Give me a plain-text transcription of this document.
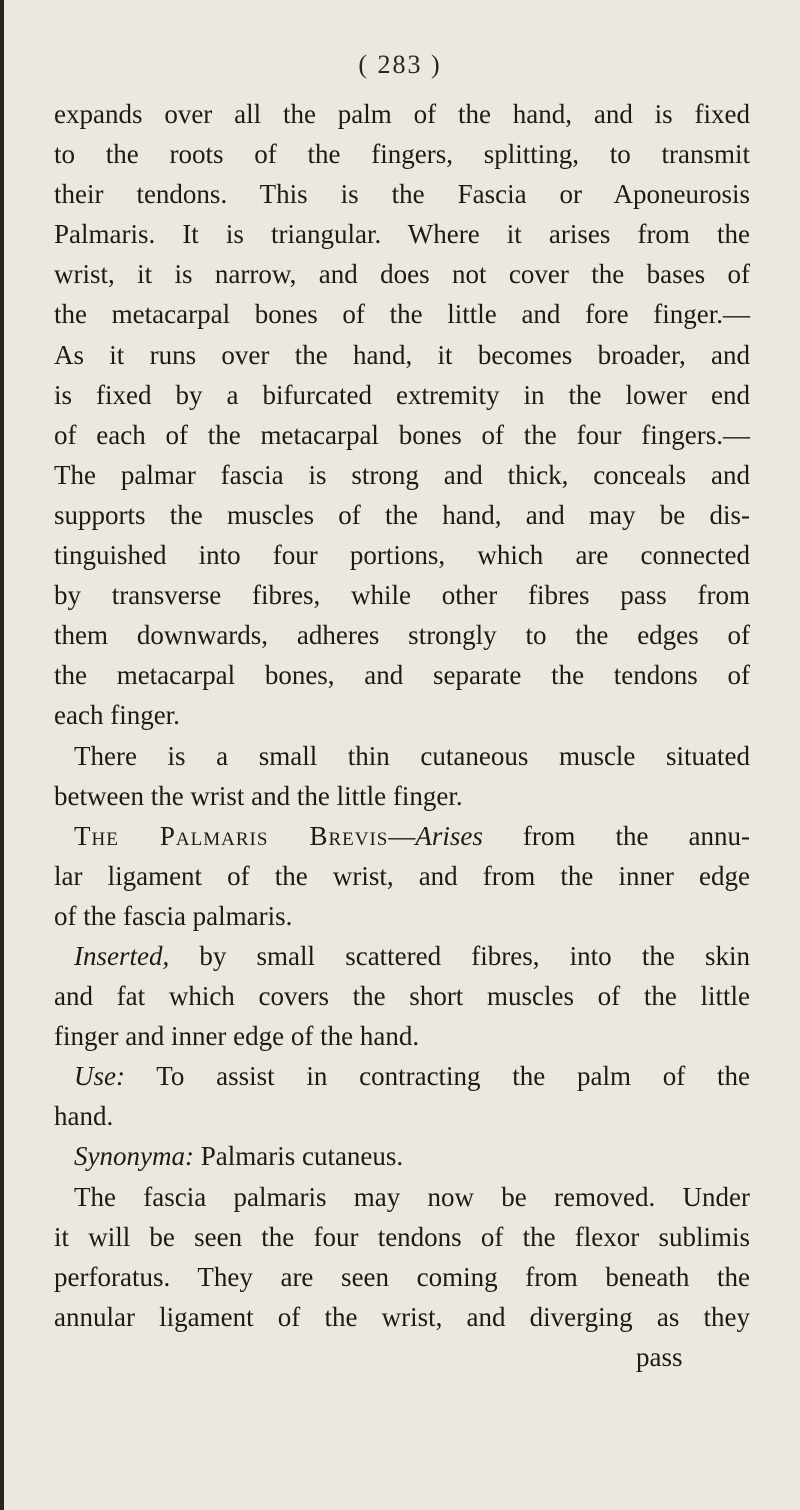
( 283 )
expands over all the palm of the hand, and is fixed
to the roots of the fingers, splitting, to transmit
their tendons. This is the Fascia or Aponeurosis
Palmaris. It is triangular. Where it arises from the
wrist, it is narrow, and does not cover the bases of
the metacarpal bones of the little and fore finger.—
As it runs over the hand, it becomes broader, and
is fixed by a bifurcated extremity in the lower end
of each of the metacarpal bones of the four fingers.—
The palmar fascia is strong and thick, conceals and
supports the muscles of the hand, and may be dis-
tinguished into four portions, which are connected
by transverse fibres, while other fibres pass from
them downwards, adheres strongly to the edges of
the metacarpal bones, and separate the tendons of
each finger.
There is a small thin cutaneous muscle situated
between the wrist and the little finger.
The Palmaris Brevis—Arises from the annu-
lar ligament of the wrist, and from the inner edge
of the fascia palmaris.
Inserted, by small scattered fibres, into the skin
and fat which covers the short muscles of the little
finger and inner edge of the hand.
Use: To assist in contracting the palm of the
hand.
Synonyma: Palmaris cutaneus.
The fascia palmaris may now be removed. Under
it will be seen the four tendons of the flexor sublimis
perforatus. They are seen coming from beneath the
annular ligament of the wrist, and diverging as they
pass
